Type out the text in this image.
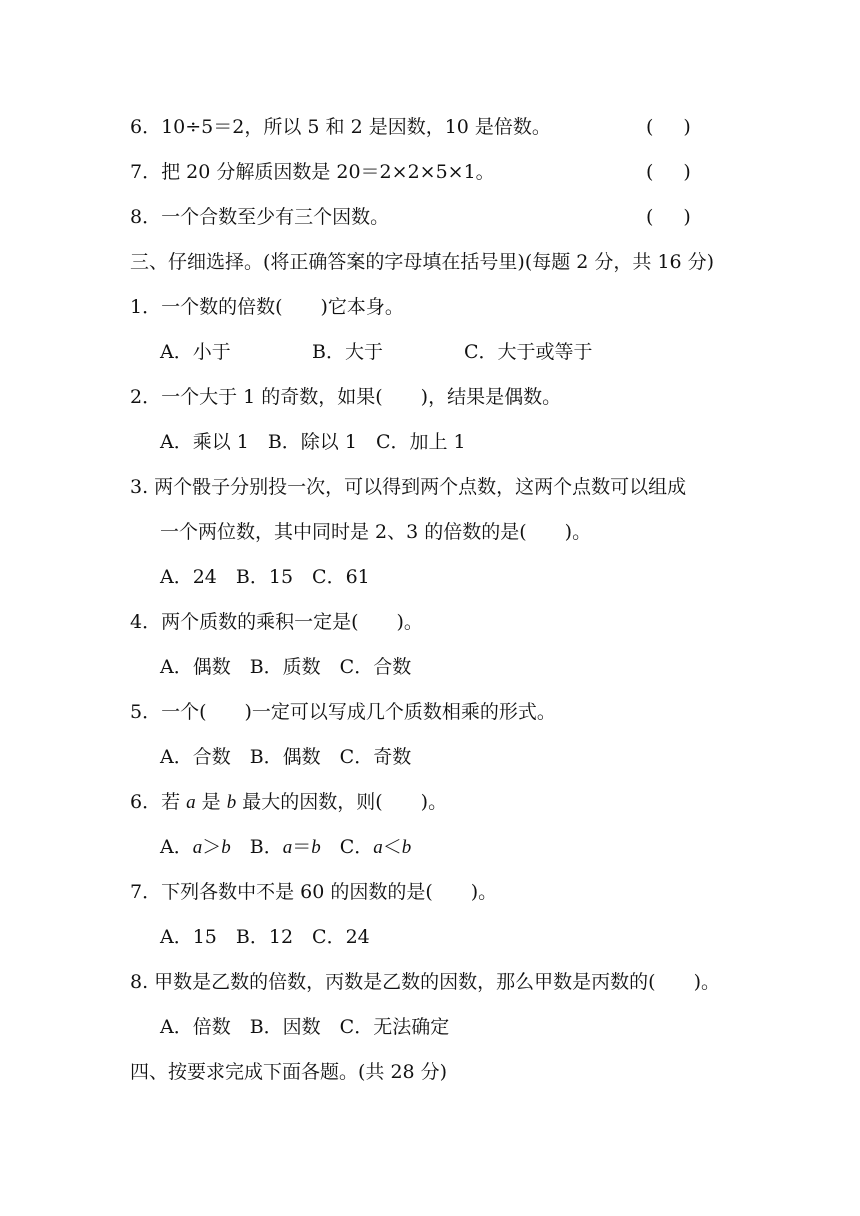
6．10÷5＝2，所以 5 和 2 是因数，10 是倍数。	( )
7．把 20 分解质因数是 20＝2×2×5×1。	( )
8．一个合数至少有三个因数。	( )
三、仔细选择。(将正确答案的字母填在括号里)(每题 2 分，共 16 分)
1．一个数的倍数(　　)它本身。
A．小于	B．大于	C．大于或等于
2．一个大于 1 的奇数，如果(　　)，结果是偶数。
A．乘以 1　B．除以 1　C．加上 1
3. 两个骰子分别投一次，可以得到两个点数，这两个点数可以组成
一个两位数，其中同时是 2、3 的倍数的是(　　)。
A．24　B．15　C．61
4．两个质数的乘积一定是(　　)。
A．偶数　B．质数　C．合数
5．一个(　　)一定可以写成几个质数相乘的形式。
A．合数　B．偶数　C．奇数
6．若 a 是 b 最大的因数，则(　　)。
A．a＞b　B．a＝b　C．a＜b
7．下列各数中不是 60 的因数的是(　　)。
A．15　B．12　C．24
8. 甲数是乙数的倍数，丙数是乙数的因数，那么甲数是丙数的(　　)。
A．倍数　B．因数　C．无法确定
四、按要求完成下面各题。(共 28 分)
